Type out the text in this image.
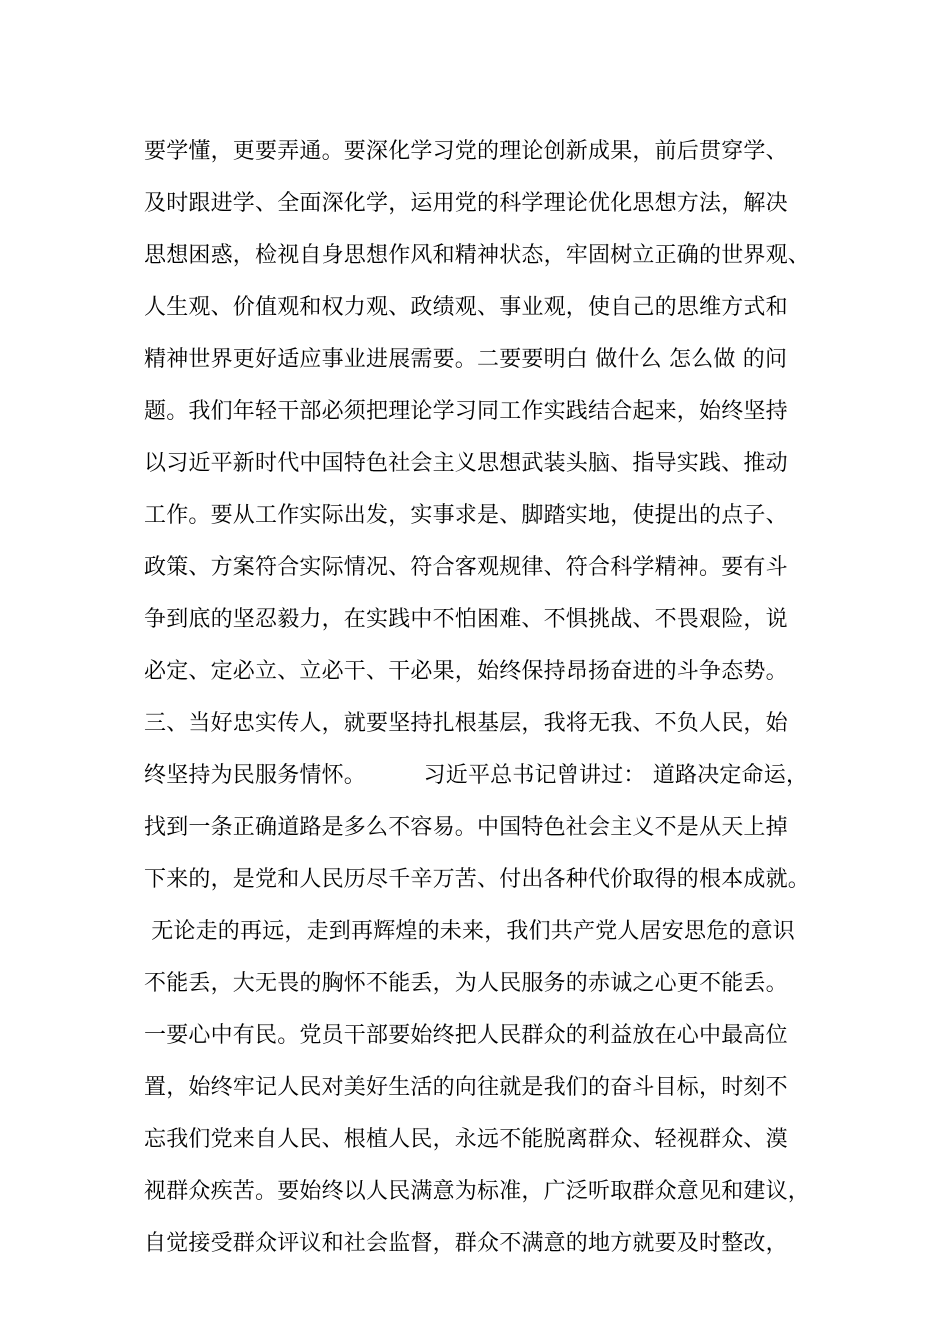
要学懂，更要弄通。要深化学习党的理论创新成果，前后贯穿学、
及时跟进学、全面深化学，运用党的科学理论优化思想方法，解决
思想困惑，检视自身思想作风和精神状态，牢固树立正确的世界观、
人生观、价值观和权力观、政绩观、事业观，使自己的思维方式和
精神世界更好适应事业进展需要。二要要明白 做什么 怎么做 的问
题。我们年轻干部必须把理论学习同工作实践结合起来，始终坚持
以习近平新时代中国特色社会主义思想武装头脑、指导实践、推动
工作。要从工作实际出发，实事求是、脚踏实地，使提出的点子、
政策、方案符合实际情况、符合客观规律、符合科学精神。要有斗
争到底的坚忍毅力，在实践中不怕困难、不惧挑战、不畏艰险，说
必定、定必立、立必干、干必果，始终保持昂扬奋进的斗争态势。
三、当好忠实传人，就要坚持扎根基层，我将无我、不负人民，始
终坚持为民服务情怀。        习近平总书记曾讲过： 道路决定命运，
找到一条正确道路是多么不容易。中国特色社会主义不是从天上掉
下来的，是党和人民历尽千辛万苦、付出各种代价取得的根本成就。
无论走的再远，走到再辉煌的未来，我们共产党人居安思危的意识
不能丢，大无畏的胸怀不能丢，为人民服务的赤诚之心更不能丢。
一要心中有民。党员干部要始终把人民群众的利益放在心中最高位
置，始终牢记人民对美好生活的向往就是我们的奋斗目标，时刻不
忘我们党来自人民、根植人民，永远不能脱离群众、轻视群众、漠
视群众疾苦。要始终以人民满意为标准，广泛听取群众意见和建议，
自觉接受群众评议和社会监督，群众不满意的地方就要及时整改，
